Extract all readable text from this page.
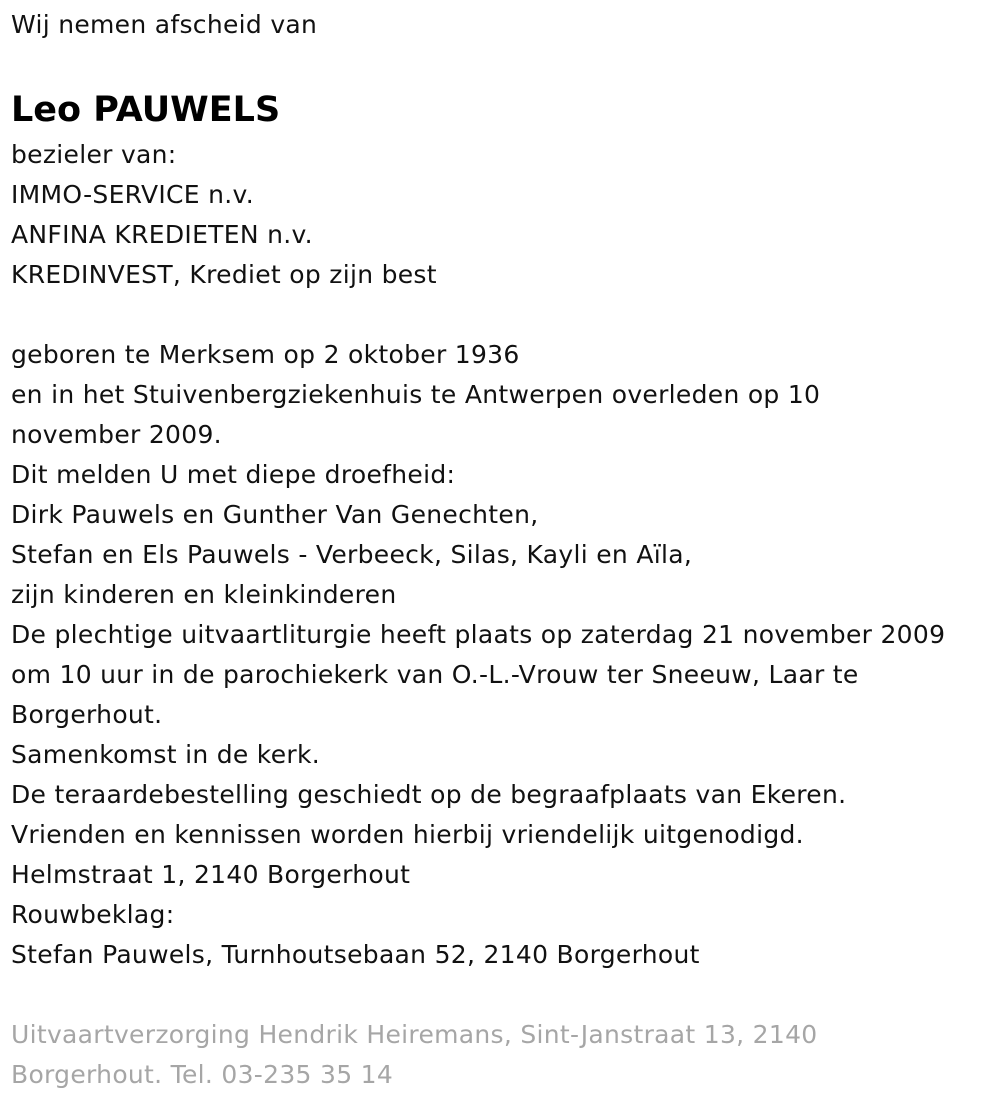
Wij nemen afscheid van

Leo PAUWELS

bezieler van:

IMMO-SERVICE n.v.

ANFINA KREDIETEN n.v.

KREDINVEST, Krediet op zijn best

geboren te Merksem op 2 oktober 1936

en in het Stuivenbergziekenhuis te Antwerpen overleden op 10

november 2009.

Dit melden U met diepe droefheid:

Dirk Pauwels en Gunther Van Genechten,

Stefan en Els Pauwels - Verbeeck, Silas, Kayli en Aïla,

zijn kinderen en kleinkinderen

De plechtige uitvaartliturgie heeft plaats op zaterdag 21 november 2009

om 10 uur in de parochiekerk van O.-L.-Vrouw ter Sneeuw, Laar te

Borgerhout.

Samenkomst in de kerk.

De teraardebestelling geschiedt op de begraafplaats van Ekeren.

Vrienden en kennissen worden hierbij vriendelijk uitgenodigd.

Helmstraat 1, 2140 Borgerhout

Rouwbeklag:

Stefan Pauwels, Turnhoutsebaan 52, 2140 Borgerhout

Uitvaartverzorging Hendrik Heiremans, Sint-Janstraat 13, 2140

Borgerhout. Tel. 03-235 35 14
